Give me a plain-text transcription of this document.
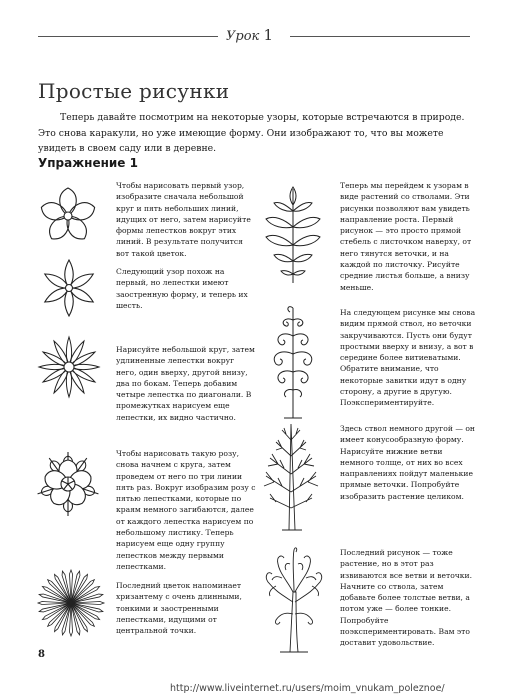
Урок 1
Простые рисунки
Теперь давайте посмотрим на некоторые узоры, которые встречаются в природе.
Это снова каракули, но уже имеющие форму. Они изображают то, что вы можете увидеть в своем саду или в деревне.
Упражнение 1
Чтобы нарисовать первый узор, изобразите сначала небольшой круг и пять небольших линий, идущих от него, затем нарисуйте формы лепестков вокруг этих линий. В результате получится вот такой цветок.
Следующий узор похож на первый, но лепестки имеют заостренную форму, и теперь их шесть.
Нарисуйте небольшой круг, затем удлиненные лепестки вокруг него, один вверху, другой внизу, два по бокам. Теперь добавим четыре лепестка по диагонали. В промежутках нарисуем еще лепестки, их видно частично.
Чтобы нарисовать такую розу, снова начнем с круга, затем проведем от него по три линии пять раз. Вокруг изобразим розу с пятью лепестками, которые по краям немного загибаются, далее от каждого лепестка нарисуем по небольшому листику. Теперь нарисуем еще одну группу лепестков между первыми лепестками.
Последний цветок напоминает хризантему с очень длинными, тонкими и заостренными лепестками, идущими от центральной точки.
Теперь мы перейдем к узорам в виде растений со стволами. Эти рисунки позволяют вам увидеть направление роста. Первый рисунок — это просто прямой стебель с листочком наверху, от него тянутся веточки, и на каждой по листочку. Рисуйте средние листья больше, а внизу меньше.
На следующем рисунке мы снова видим прямой ствол, но веточки закручиваются. Пусть они будут простыми вверху и внизу, а вот в середине более витиеватыми. Обратите внимание, что некоторые завитки идут в одну сторону, а другие в другую. Поэкспериментируйте.
Здесь ствол немного другой — он имеет конусообразную форму. Нарисуйте нижние ветви немного толще, от них во всех направлениях пойдут маленькие прямые веточки. Попробуйте изобразить растение целиком.
Последний рисунок — тоже растение, но в этот раз извиваются все ветви и веточки. Начните со ствола, затем добавьте более толстые ветви, а потом уже — более тонкие. Попробуйте поэкспериментировать. Вам это доставит удовольствие.
8
http://www.liveinternet.ru/users/moim_vnukam_poleznoe/
